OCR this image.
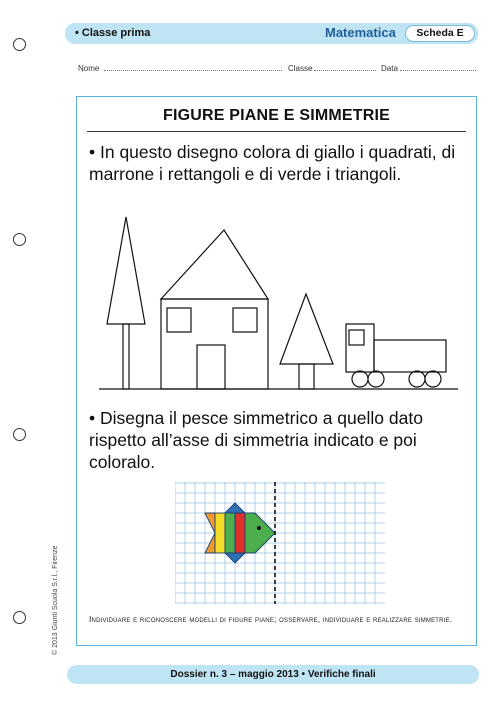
• Classe prima	Matematica	Scheda E
Nome	Classe	Data
FIGURE PIANE E SIMMETRIE
• In questo disegno colora di giallo i quadrati, di marrone i rettangoli e di verde i triangoli.
• Disegna il pesce simmetrico a quello dato rispetto all’asse di simmetria indicato e poi coloralo.
Individuare e riconoscere modelli di figure piane; osservare, individuare e realizzare simmetrie.
© 2013 Giunti Scuola S.r.l., Firenze
Dossier n. 3 – maggio 2013 • Verifiche finali
